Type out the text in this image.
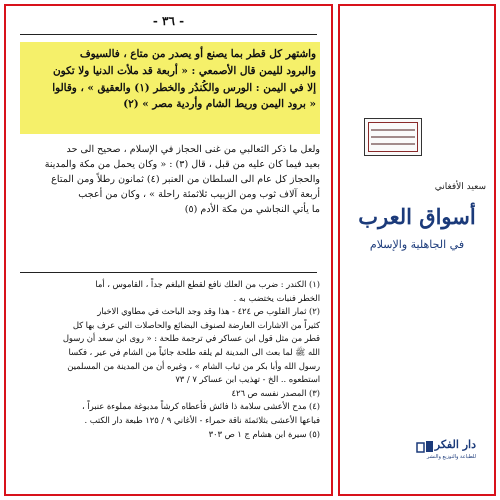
- ٣٦ -
واشتهر كل قطر بما يصنع أو يصدر من متاع ، فالسيوف
والبرود لليمن قال الأصمعي : « أربعة قد ملأت الدنيا ولا تكون
إلا في اليمن : الورس والكُندُر والخطر (١) والعقيق » ، وقالوا
« برود اليمن وريط الشام وأردية مصر » (٢)
ولعل ما ذكر الثعالبي من غنى الحجاز في الإسلام ، صحيح الى حد
بعيد فيما كان عليه من قبل ، قال (٣) : « وكان يحمل من مكة والمدينة
والحجاز كل عام الى السلطان من العنبر (٤) ثمانون رطلاً ومن المتاع
أربعة آلاف ثوب ومن الزبيب ثلاثمئة راحلة » ، وكان من أعجب
ما يأتي النجاشي من مكة الأدم (٥)
(١) الكندر : ضرب من العلك نافع لقطع البلغم جداً ، القاموس ، أما
الخطر فنبات يختضب به .
(٢) ثمار القلوب ص ٤٢٤ - هذا وقد وجد الباحث في مطاوي الاخبار
كثيراً من الاشارات العارضة لصنوف البضائع والحاصلات التي عرف بها كل
قطر من مثل قول ابن عساكر في ترجمة طلحة : « روى ابن سعد أن رسول
الله ﷺ لما بعث الى المدينة لم يلقه طلحة جائياً من الشام في عير ، فكسا
رسول الله وأبا بكر من ثياب الشام » ، وغيره أن من المدينة من المسلمين
استطعوه .. الخ - تهذيب ابن عساكر ٧ / ٧٣
(٣) المصدر نفسه ص ٤٢٦
(٤) مدح الأعشى سلامة ذا فائش فأعطاه كرشاً مدبوغة مملوءة عنبراً ،
فباعها الأعشى بثلاثمئة ناقة حمراء - الأغاني ٩ / ١٢٥ طبعة دار الكتب .
(٥) سيرة ابن هشام ج ١ ص ٣٠٣
سعيد الأفغاني
أسواق العرب
في الجاهلية والإسلام
دار الفكر
للطباعة والتوزيع والنشر
